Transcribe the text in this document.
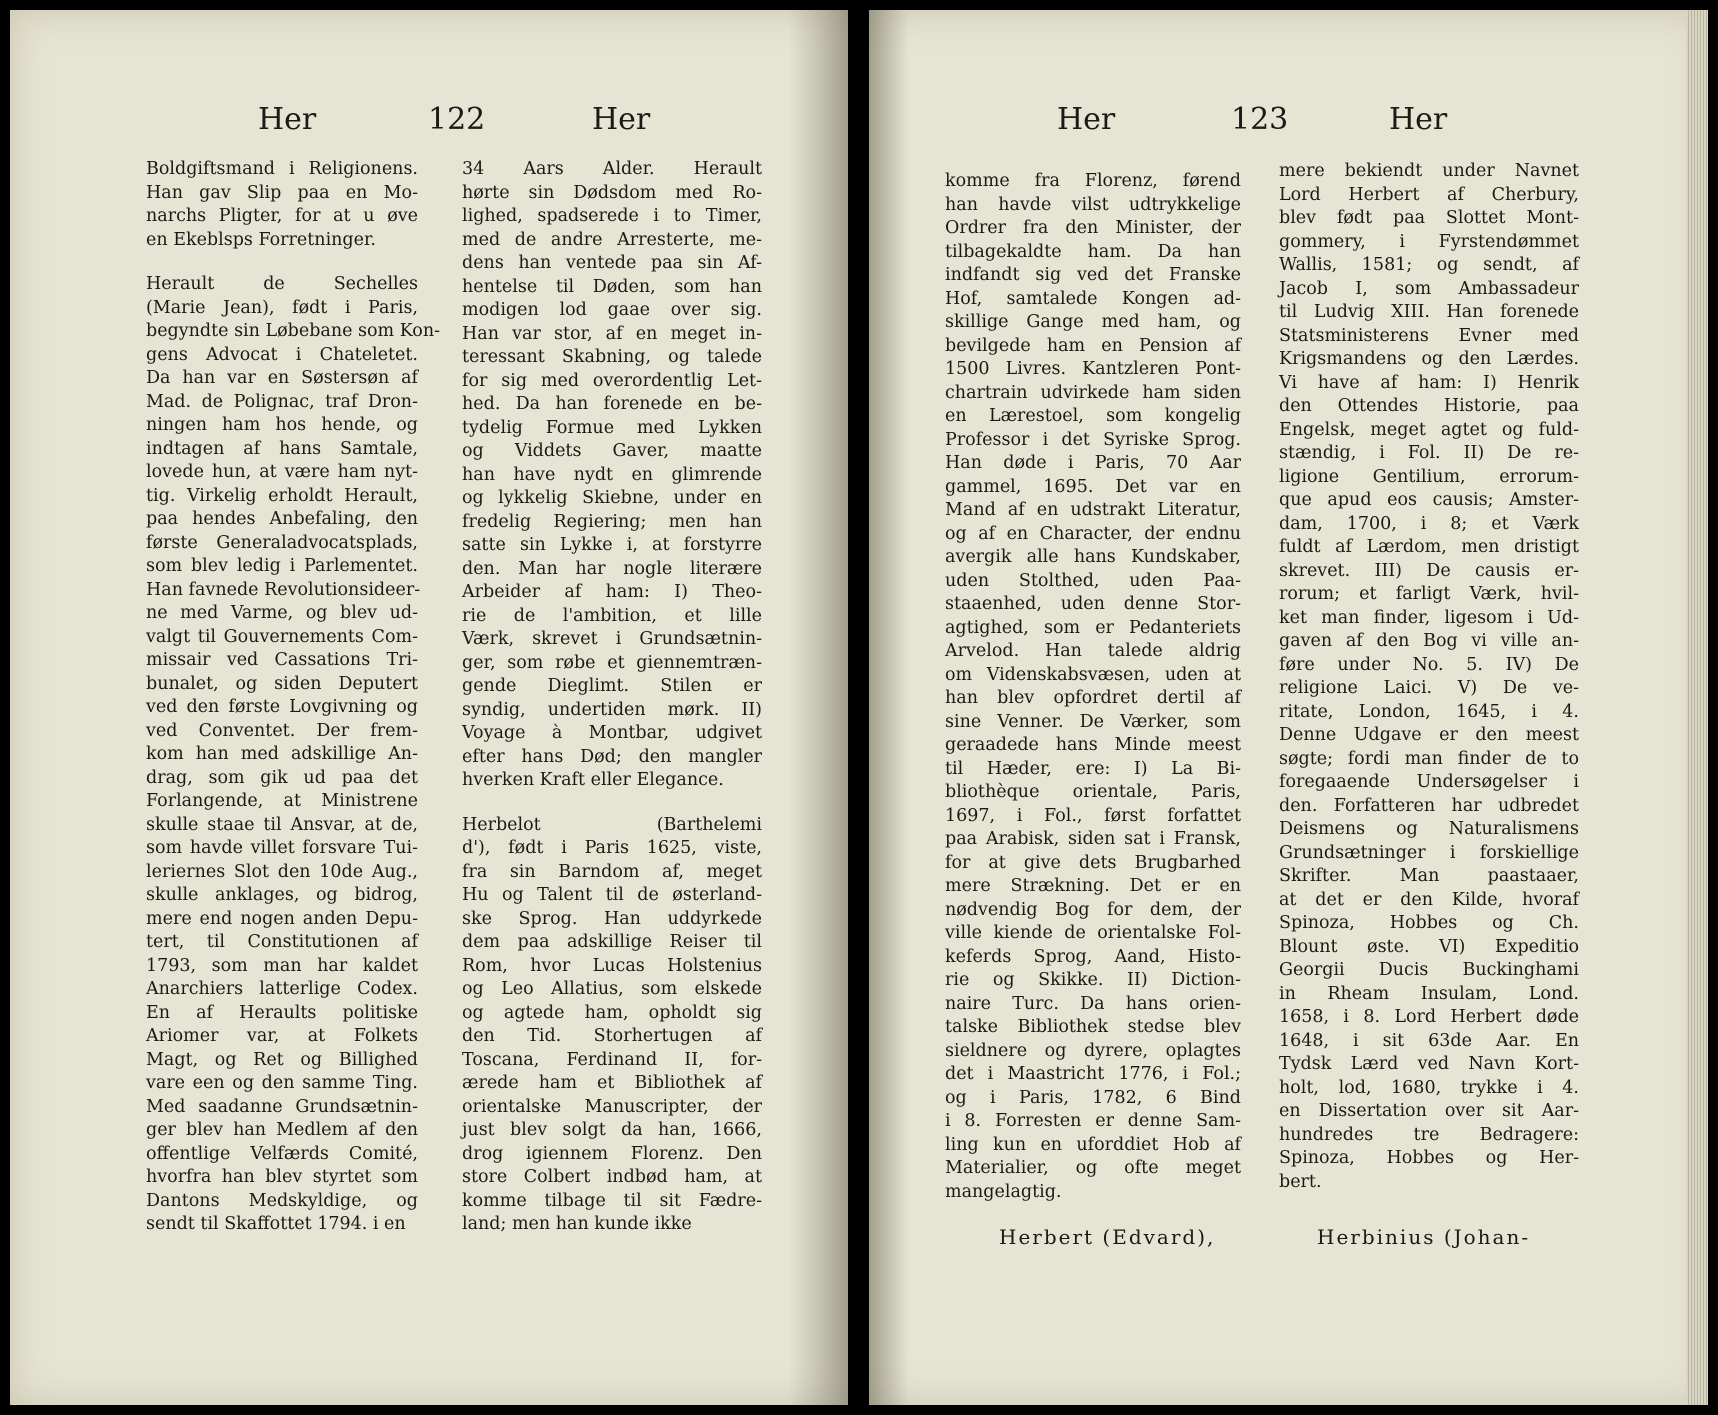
Her	122	Her
Boldgiftsmand i Religionens.
Han gav Slip paa en Mo-
narchs Pligter, for at u øve
en Ekeblsps Forretninger.
Herault de Sechelles
(Marie Jean), født i Paris,
begyndte sin Løbebane som Kon-
gens Advocat i Chateletet.
Da han var en Søstersøn af
Mad. de Polignac, traf Dron-
ningen ham hos hende, og
indtagen af hans Samtale,
lovede hun, at være ham nyt-
tig. Virkelig erholdt Herault,
paa hendes Anbefaling, den
første Generaladvocatsplads,
som blev ledig i Parlementet.
Han favnede Revolutionsideer-
ne med Varme, og blev ud-
valgt til Gouvernements Com-
missair ved Cassations Tri-
bunalet, og siden Deputert
ved den første Lovgivning og
ved Conventet. Der frem-
kom han med adskillige An-
drag, som gik ud paa det
Forlangende, at Ministrene
skulle staae til Ansvar, at de,
som havde villet forsvare Tui-
leriernes Slot den 10de Aug.,
skulle anklages, og bidrog,
mere end nogen anden Depu-
tert, til Constitutionen af
1793, som man har kaldet
Anarchiers latterlige Codex.
En af Heraults politiske
Ariomer var, at Folkets
Magt, og Ret og Billighed
vare een og den samme Ting.
Med saadanne Grundsætnin-
ger blev han Medlem af den
offentlige Velfærds Comité,
hvorfra han blev styrtet som
Dantons Medskyldige, og
sendt til Skaffottet 1794. i en
34 Aars Alder. Herault
hørte sin Dødsdom med Ro-
lighed, spadserede i to Timer,
med de andre Arresterte, me-
dens han ventede paa sin Af-
hentelse til Døden, som han
modigen lod gaae over sig.
Han var stor, af en meget in-
teressant Skabning, og talede
for sig med overordentlig Let-
hed. Da han forenede en be-
tydelig Formue med Lykken
og Viddets Gaver, maatte
han have nydt en glimrende
og lykkelig Skiebne, under en
fredelig Regiering; men han
satte sin Lykke i, at forstyrre
den. Man har nogle literære
Arbeider af ham: I) Theo-
rie de l'ambition, et lille
Værk, skrevet i Grundsætnin-
ger, som røbe et giennemtræn-
gende Dieglimt. Stilen er
syndig, undertiden mørk. II)
Voyage à Montbar, udgivet
efter hans Død; den mangler
hverken Kraft eller Elegance.
Herbelot (Barthelemi
d'), født i Paris 1625, viste,
fra sin Barndom af, meget
Hu og Talent til de østerland-
ske Sprog. Han uddyrkede
dem paa adskillige Reiser til
Rom, hvor Lucas Holstenius
og Leo Allatius, som elskede
og agtede ham, opholdt sig
den Tid. Storhertugen af
Toscana, Ferdinand II, for-
ærede ham et Bibliothek af
orientalske Manuscripter, der
just blev solgt da han, 1666,
drog igiennem Florenz. Den
store Colbert indbød ham, at
komme tilbage til sit Fædre-
land; men han kunde ikke
Her	123	Her
komme fra Florenz, førend
han havde vilst udtrykkelige
Ordrer fra den Minister, der
tilbagekaldte ham. Da han
indfandt sig ved det Franske
Hof, samtalede Kongen ad-
skillige Gange med ham, og
bevilgede ham en Pension af
1500 Livres. Kantzleren Pont-
chartrain udvirkede ham siden
en Lærestoel, som kongelig
Professor i det Syriske Sprog.
Han døde i Paris, 70 Aar
gammel, 1695. Det var en
Mand af en udstrakt Literatur,
og af en Character, der endnu
avergik alle hans Kundskaber,
uden Stolthed, uden Paa-
staaenhed, uden denne Stor-
agtighed, som er Pedanteriets
Arvelod. Han talede aldrig
om Videnskabsvæsen, uden at
han blev opfordret dertil af
sine Venner. De Værker, som
geraadede hans Minde meest
til Hæder, ere: I) La Bi-
bliothèque orientale, Paris,
1697, i Fol., først forfattet
paa Arabisk, siden sat i Fransk,
for at give dets Brugbarhed
mere Strækning. Det er en
nødvendig Bog for dem, der
ville kiende de orientalske Fol-
keferds Sprog, Aand, Histo-
rie og Skikke. II) Diction-
naire Turc. Da hans orien-
talske Bibliothek stedse blev
sieldnere og dyrere, oplagtes
det i Maastricht 1776, i Fol.;
og i Paris, 1782, 6 Bind
i 8. Forresten er denne Sam-
ling kun en uforddiet Hob af
Materialier, og ofte meget
mangelagtig.
mere bekiendt under Navnet
Lord Herbert af Cherbury,
blev født paa Slottet Mont-
gommery, i Fyrstendømmet
Wallis, 1581; og sendt, af
Jacob I, som Ambassadeur
til Ludvig XIII. Han forenede
Statsministerens Evner med
Krigsmandens og den Lærdes.
Vi have af ham: I) Henrik
den Ottendes Historie, paa
Engelsk, meget agtet og fuld-
stændig, i Fol. II) De re-
ligione Gentilium, errorum-
que apud eos causis; Amster-
dam, 1700, i 8; et Værk
fuldt af Lærdom, men dristigt
skrevet. III) De causis er-
rorum; et farligt Værk, hvil-
ket man finder, ligesom i Ud-
gaven af den Bog vi ville an-
føre under No. 5. IV) De
religione Laici. V) De ve-
ritate, London, 1645, i 4.
Denne Udgave er den meest
søgte; fordi man finder de to
foregaaende Undersøgelser i
den. Forfatteren har udbredet
Deismens og Naturalismens
Grundsætninger i forskiellige
Skrifter. Man paastaaer,
at det er den Kilde, hvoraf
Spinoza, Hobbes og Ch.
Blount øste. VI) Expeditio
Georgii Ducis Buckinghami
in Rheam Insulam, Lond.
1658, i 8. Lord Herbert døde
1648, i sit 63de Aar. En
Tydsk Lærd ved Navn Kort-
holt, lod, 1680, trykke i 4.
en Dissertation over sit Aar-
hundredes tre Bedragere:
Spinoza, Hobbes og Her-
bert.
Herbert (Edvard),	Herbinius (Johan-
